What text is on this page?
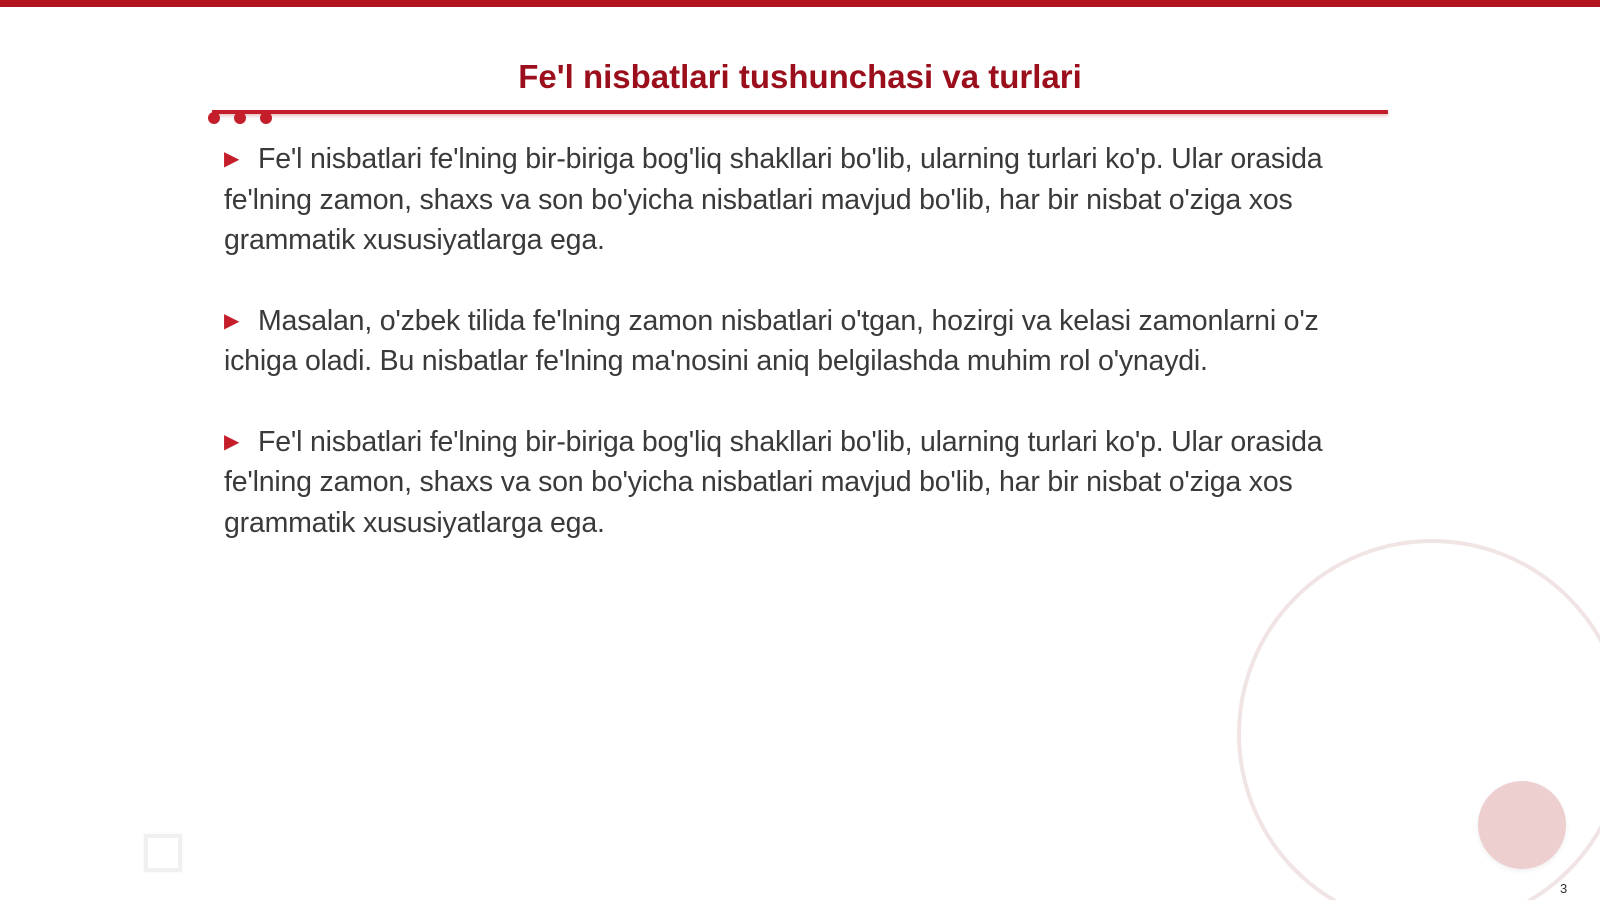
Fe'l nisbatlari tushunchasi va turlari

▶ Fe'l nisbatlari fe'lning bir-biriga bog'liq shakllari bo'lib, ularning turlari ko'p. Ular orasida fe'lning zamon, shaxs va son bo'yicha nisbatlari mavjud bo'lib, har bir nisbat o'ziga xos grammatik xususiyatlarga ega.

▶ Masalan, o'zbek tilida fe'lning zamon nisbatlari o'tgan, hozirgi va kelasi zamonlarni o'z ichiga oladi. Bu nisbatlar fe'lning ma'nosini aniq belgilashda muhim rol o'ynaydi.

▶ Fe'l nisbatlari fe'lning bir-biriga bog'liq shakllari bo'lib, ularning turlari ko'p. Ular orasida fe'lning zamon, shaxs va son bo'yicha nisbatlari mavjud bo'lib, har bir nisbat o'ziga xos grammatik xususiyatlarga ega.

3
